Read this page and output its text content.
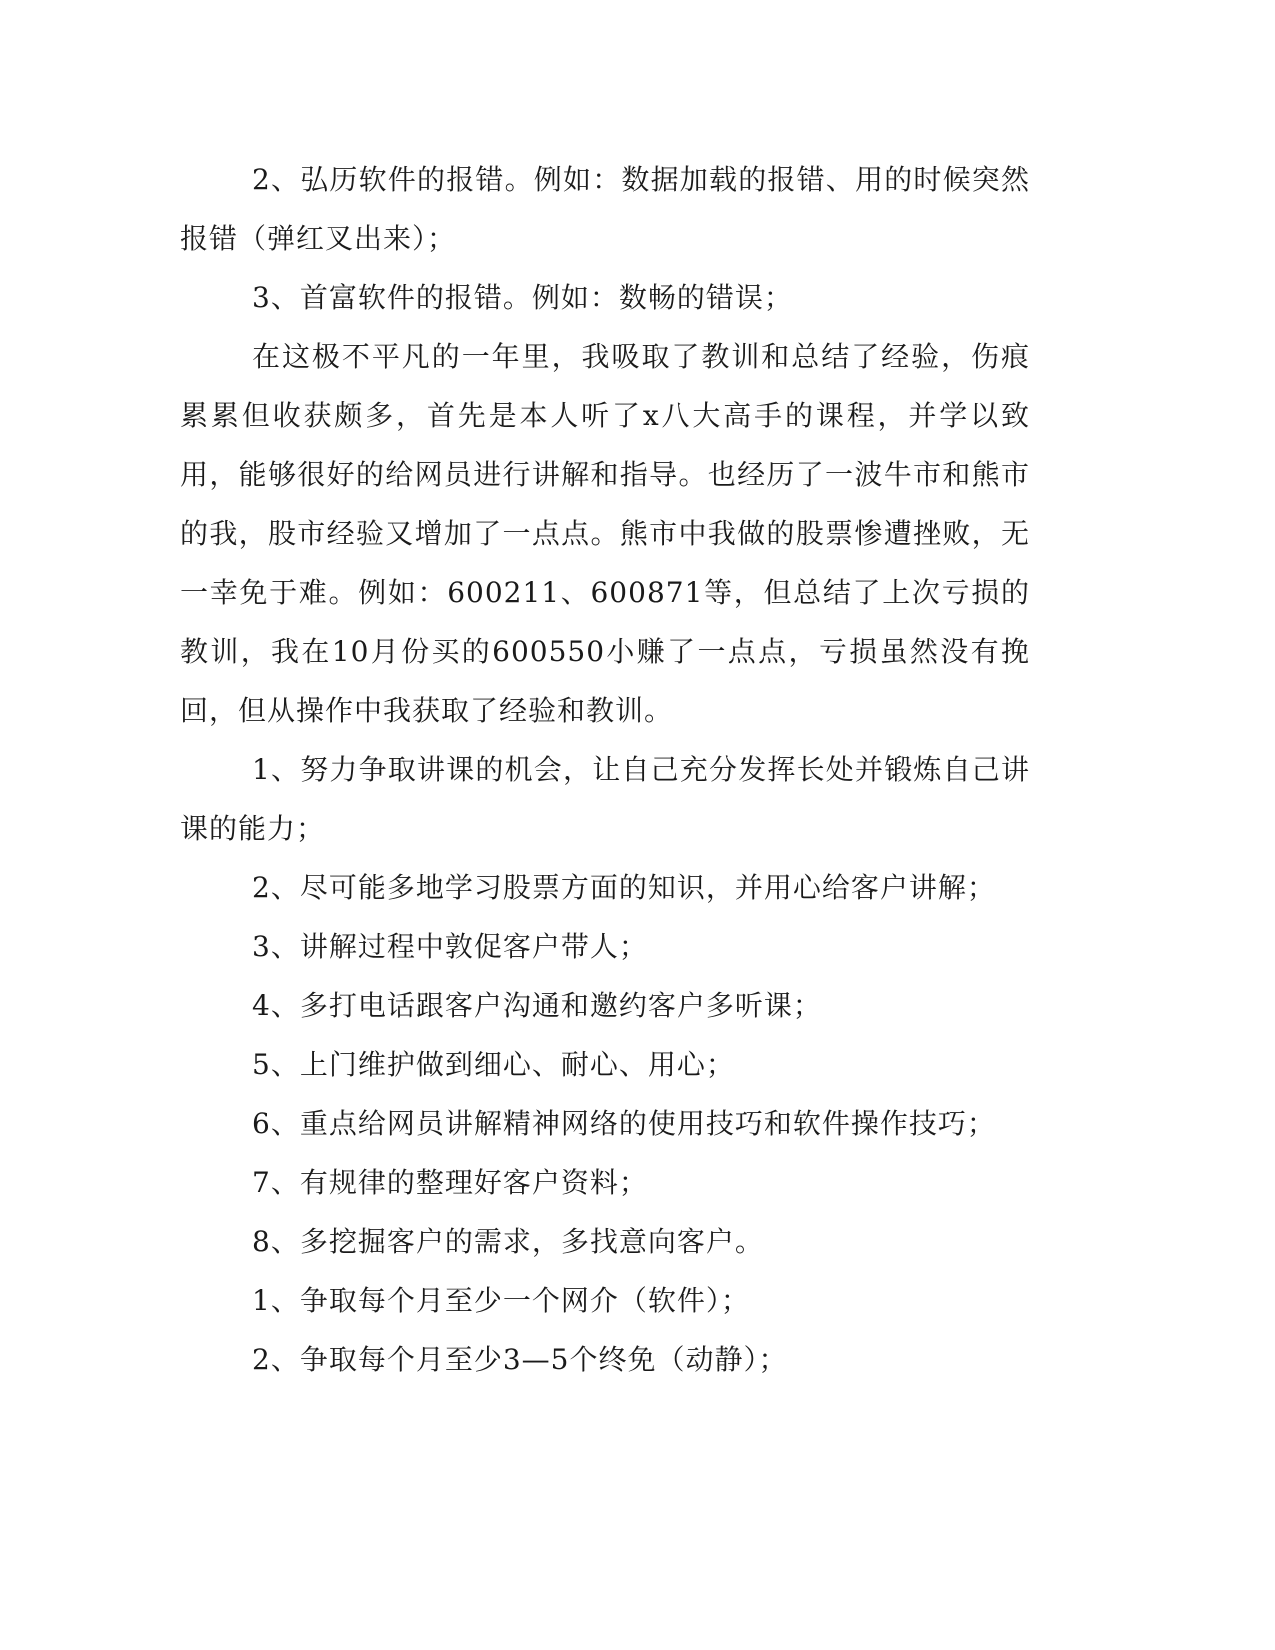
2、弘历软件的报错。例如：数据加载的报错、用的时候突然报错（弹红叉出来）；

3、首富软件的报错。例如：数畅的错误；

在这极不平凡的一年里，我吸取了教训和总结了经验，伤痕累累但收获颇多，首先是本人听了x八大高手的课程，并学以致用，能够很好的给网员进行讲解和指导。也经历了一波牛市和熊市的我，股市经验又增加了一点点。熊市中我做的股票惨遭挫败，无一幸免于难。例如：600211、600871等，但总结了上次亏损的教训，我在10月份买的600550小赚了一点点，亏损虽然没有挽回，但从操作中我获取了经验和教训。

1、努力争取讲课的机会，让自己充分发挥长处并锻炼自己讲课的能力；

2、尽可能多地学习股票方面的知识，并用心给客户讲解；

3、讲解过程中敦促客户带人；

4、多打电话跟客户沟通和邀约客户多听课；

5、上门维护做到细心、耐心、用心；

6、重点给网员讲解精神网络的使用技巧和软件操作技巧；

7、有规律的整理好客户资料；

8、多挖掘客户的需求，多找意向客户。

1、争取每个月至少一个网介（软件）；

2、争取每个月至少3—5个终免（动静）；
